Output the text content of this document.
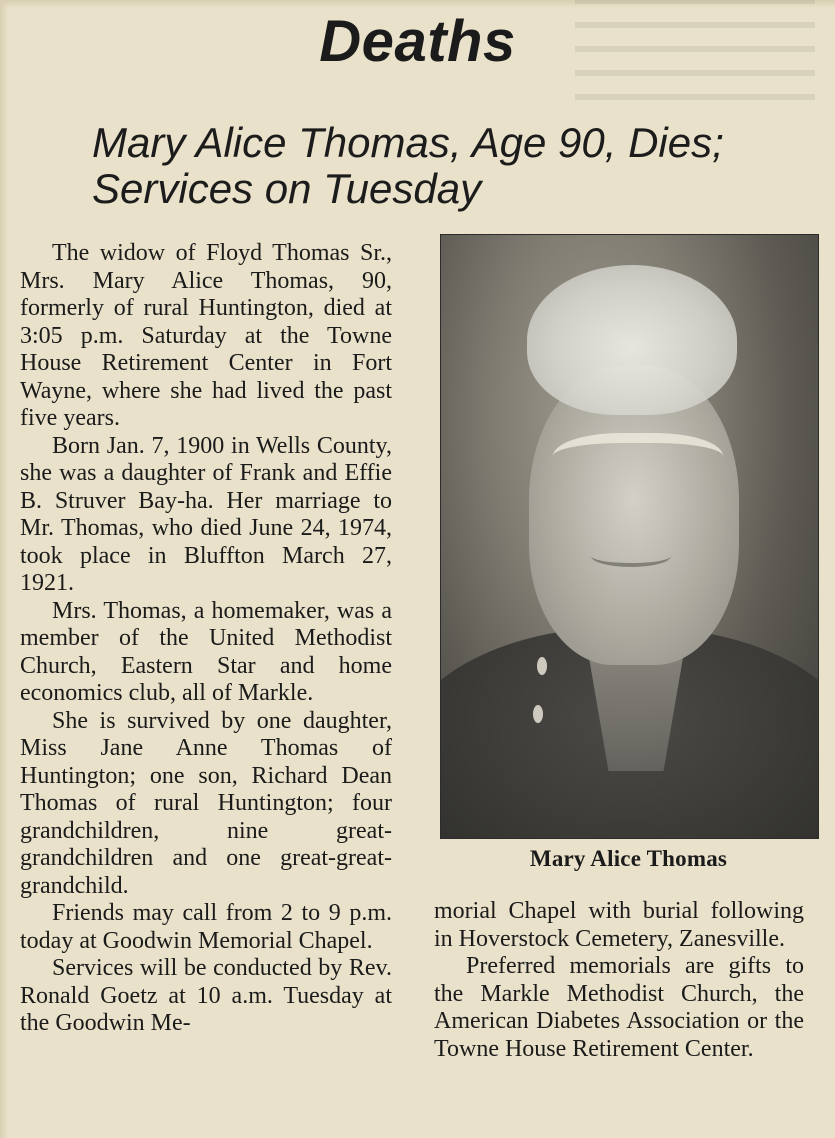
Deaths
Mary Alice Thomas, Age 90, Dies; Services on Tuesday

The widow of Floyd Thomas Sr., Mrs. Mary Alice Thomas, 90, formerly of rural Huntington, died at 3:05 p.m. Saturday at the Towne House Retirement Center in Fort Wayne, where she had lived the past five years.

Born Jan. 7, 1900 in Wells County, she was a daughter of Frank and Effie B. Struver Bay-ha. Her marriage to Mr. Thomas, who died June 24, 1974, took place in Bluffton March 27, 1921.

Mrs. Thomas, a homemaker, was a member of the United Methodist Church, Eastern Star and home economics club, all of Markle.

She is survived by one daughter, Miss Jane Anne Thomas of Huntington; one son, Richard Dean Thomas of rural Huntington; four grandchildren, nine great-grandchildren and one great-great-grandchild.

Friends may call from 2 to 9 p.m. today at Goodwin Memorial Chapel.

Services will be conducted by Rev. Ronald Goetz at 10 a.m. Tuesday at the Goodwin Me-

Mary Alice Thomas

morial Chapel with burial following in Hoverstock Cemetery, Zanesville.

Preferred memorials are gifts to the Markle Methodist Church, the American Diabetes Association or the Towne House Retirement Center.
